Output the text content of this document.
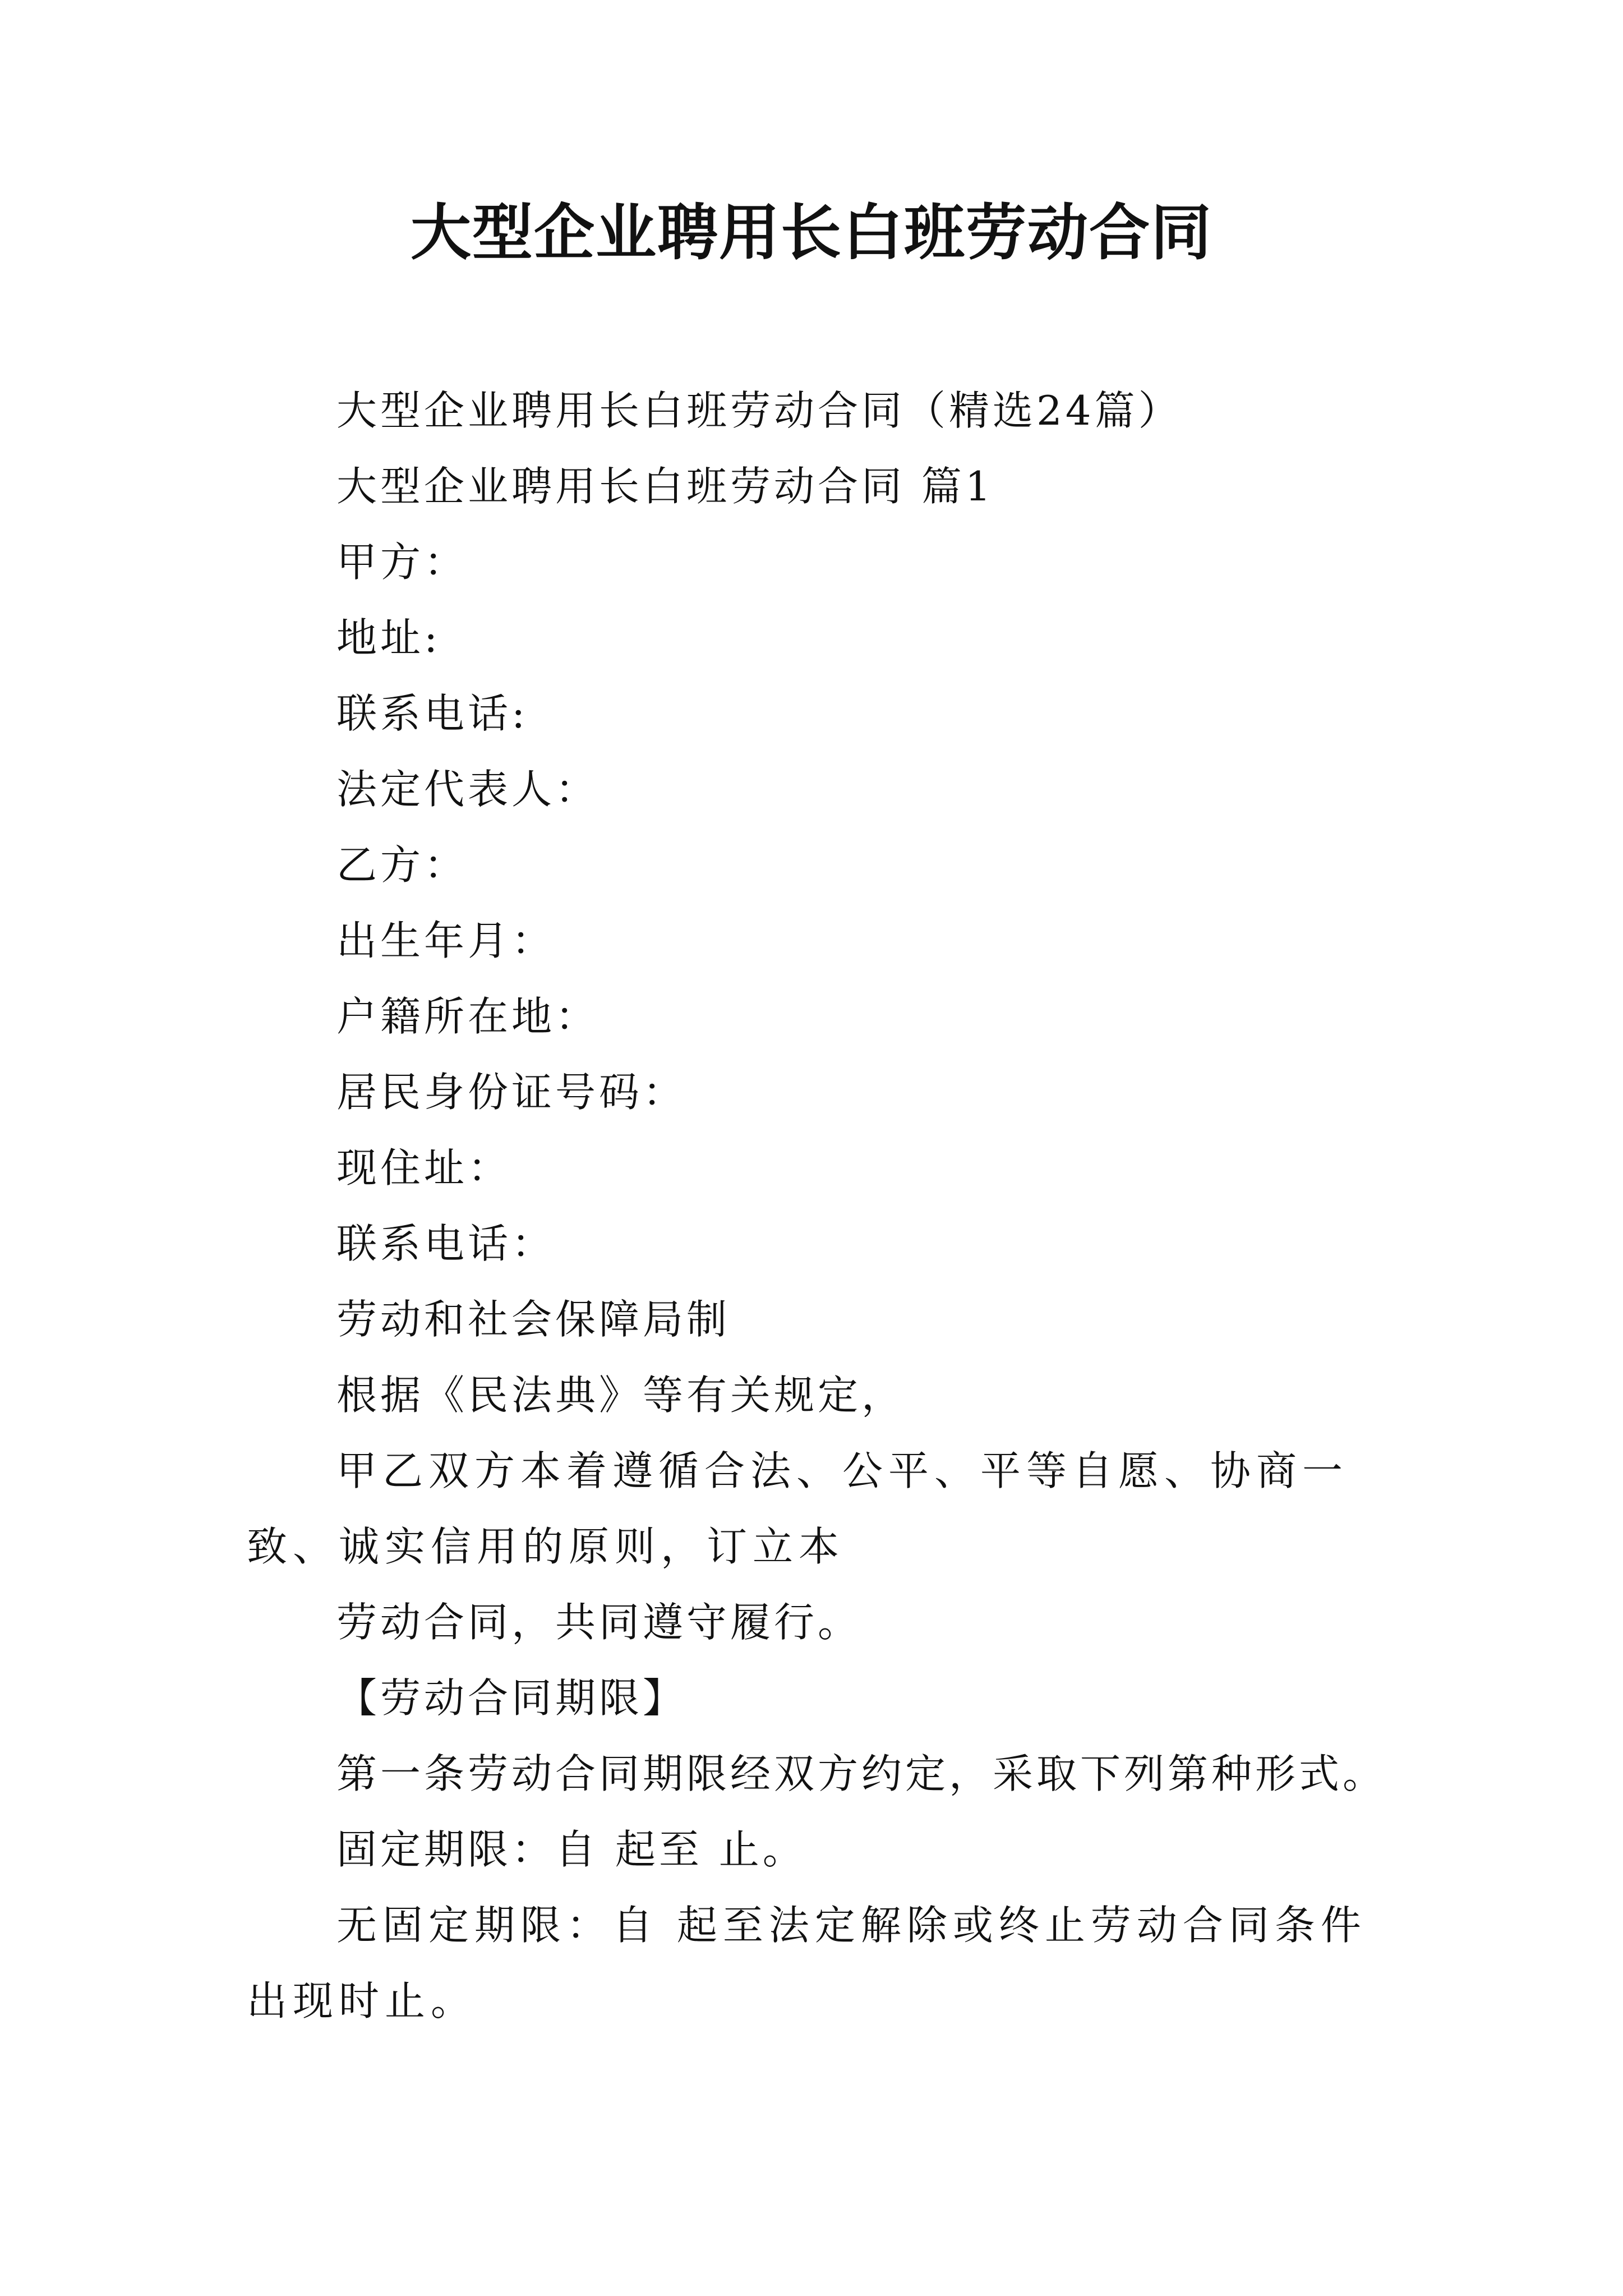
大型企业聘用长白班劳动合同

大型企业聘用长白班劳动合同（精选24篇）

大型企业聘用长白班劳动合同 篇1

甲方：

地址:

联系电话:

法定代表人：

乙方：

出生年月：

户籍所在地：

居民身份证号码：

现住址：

联系电话：

劳动和社会保障局制

根据《民法典》等有关规定，

甲乙双方本着遵循合法、公平、平等自愿、协商一致、诚实信用的原则，订立本

劳动合同，共同遵守履行。

【劳动合同期限】

第一条劳动合同期限经双方约定，采取下列第种形式。

固定期限：自 起至 止。

无固定期限：自 起至法定解除或终止劳动合同条件出现时止。
